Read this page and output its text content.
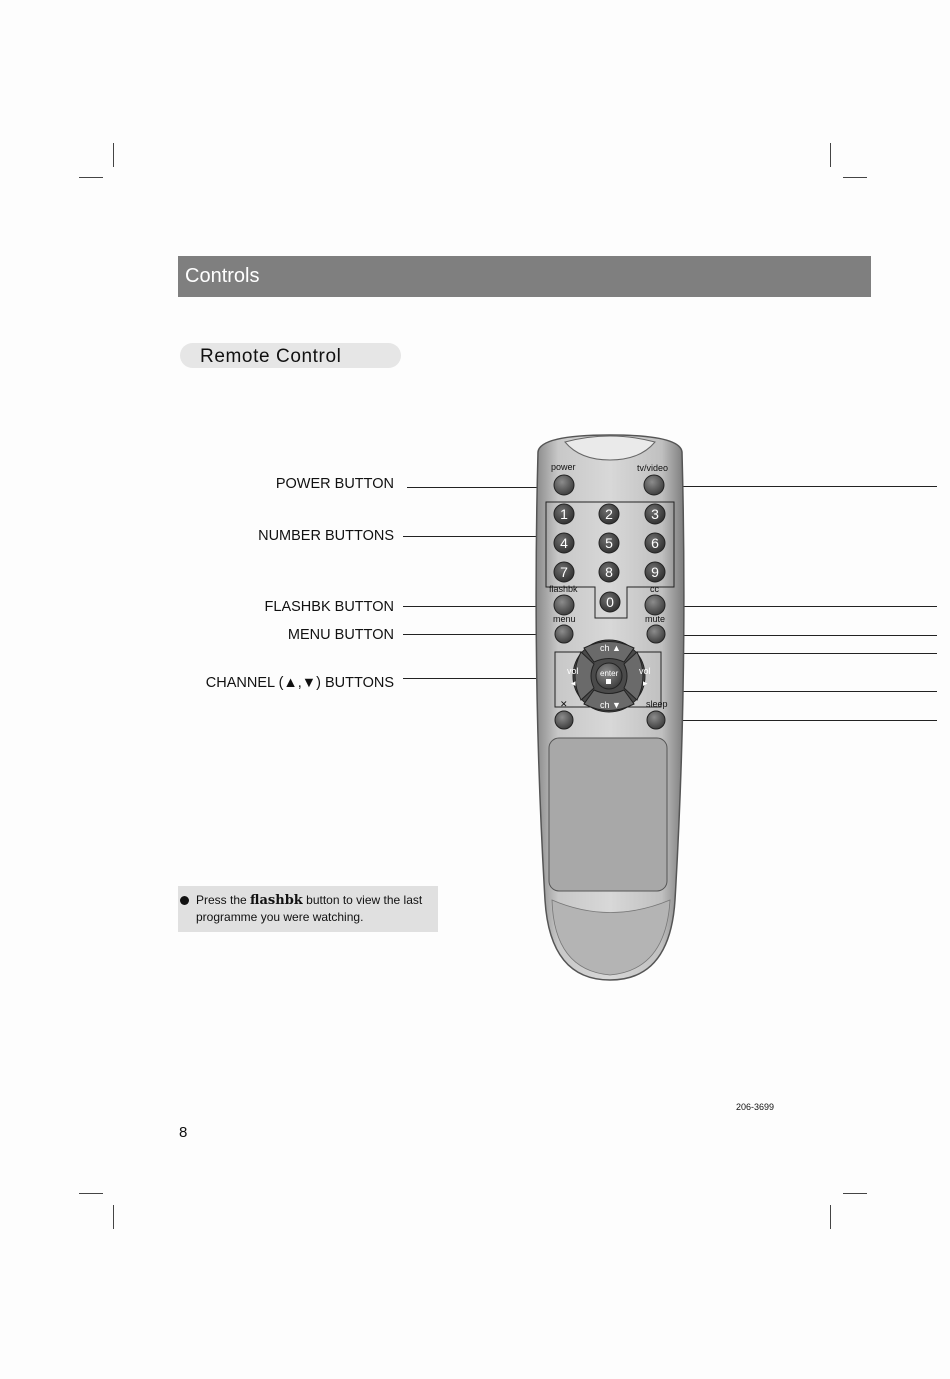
Controls
Remote Control
POWER BUTTON
NUMBER BUTTONS
FLASHBK BUTTON
MENU BUTTON
CHANNEL (▲,▼) BUTTONS
power	tv/video
1	2	3
4	5	6
7	8	9
0
flashbk	cc
menu	mute
ch ▲
ch ▼
vol
◂
vol
▸
enter
✕	sleep
Press the flashbk button to view the last programme you were watching.
206-3699
8
